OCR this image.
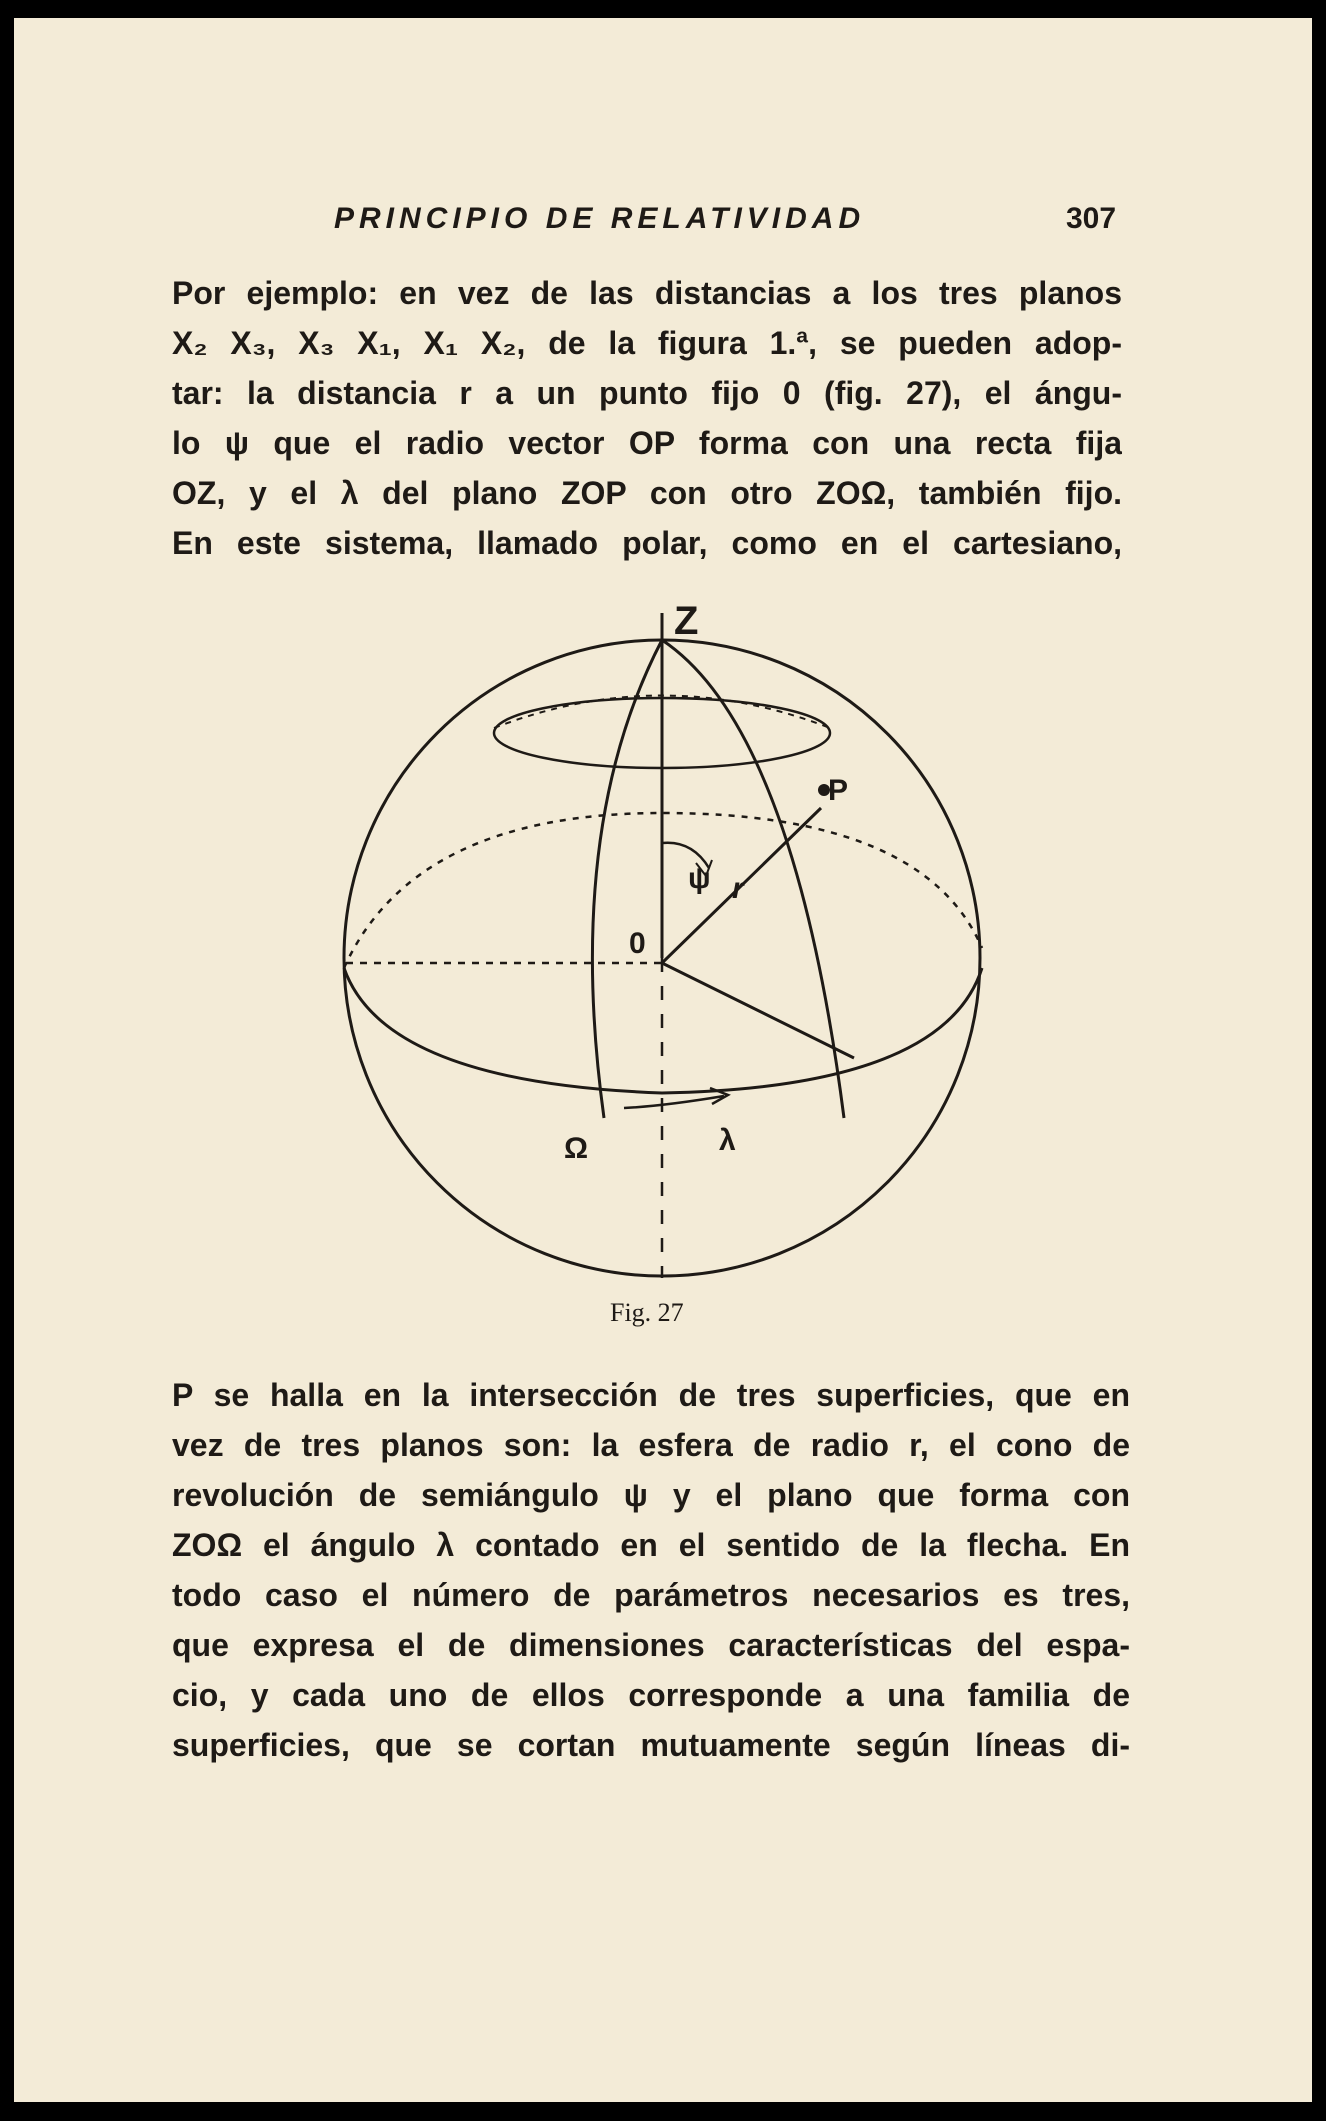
PRINCIPIO DE RELATIVIDAD	307
Por ejemplo: en vez de las distancias a los tres planos
X₂ X₃, X₃ X₁, X₁ X₂, de la figura 1.ª, se pueden adop-
tar: la distancia r a un punto fijo 0 (fig. 27), el ángu-
lo ψ que el radio vector OP forma con una recta fija
OZ, y el λ del plano ZOP con otro ZOΩ, también fijo.
En este sistema, llamado polar, como en el cartesiano,
Z
P
0
ψ r
Ω	λ
Fig. 27
P se halla en la intersección de tres superficies, que en
vez de tres planos son: la esfera de radio r, el cono de
revolución de semiángulo ψ y el plano que forma con
ZOΩ el ángulo λ contado en el sentido de la flecha. En
todo caso el número de parámetros necesarios es tres,
que expresa el de dimensiones características del espa-
cio, y cada uno de ellos corresponde a una familia de
superficies, que se cortan mutuamente según líneas di-
